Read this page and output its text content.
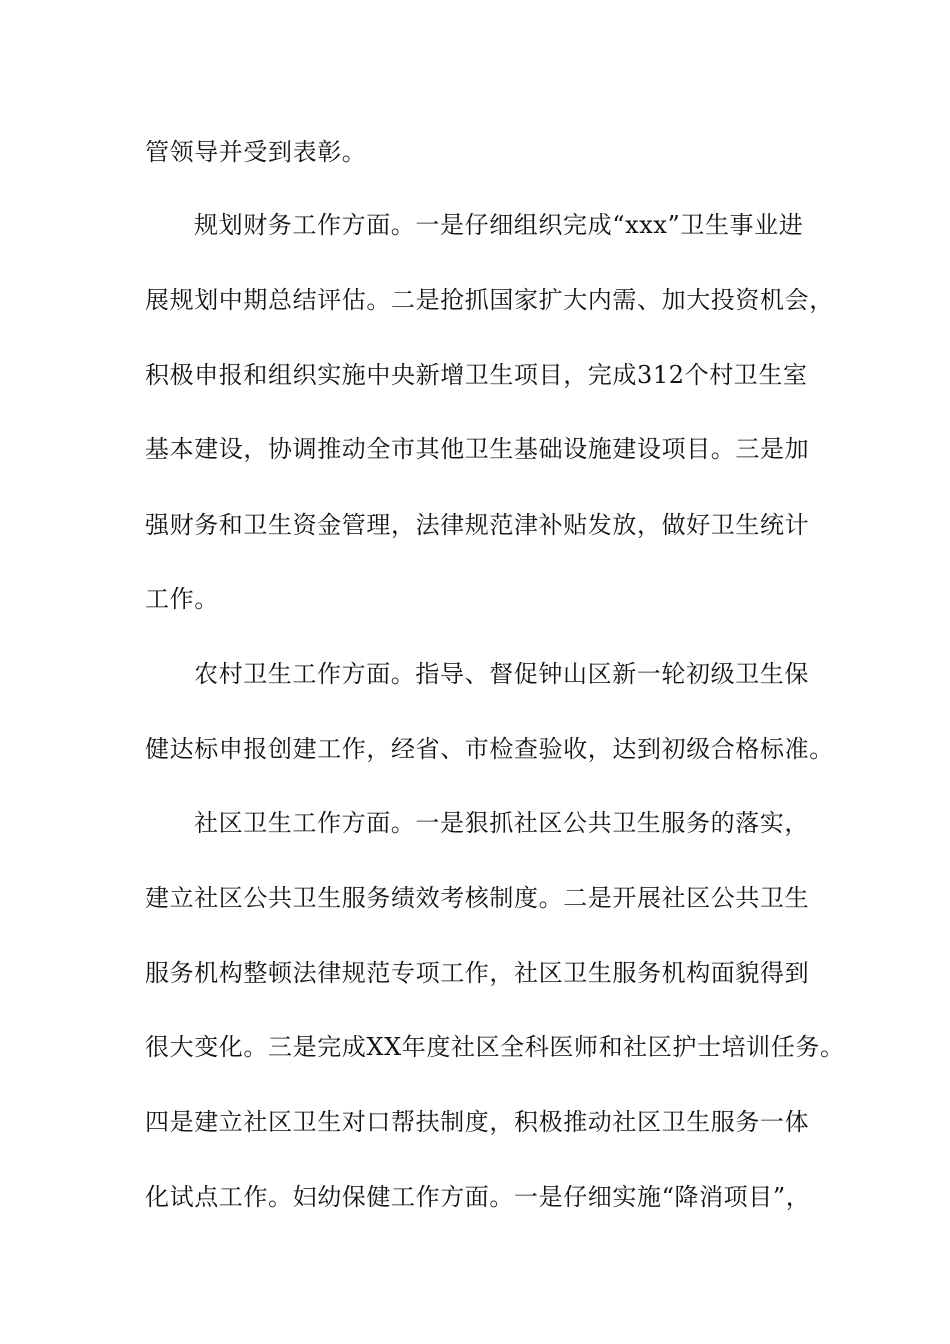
管领导并受到表彰。
规划财务工作方面。一是仔细组织完成“xxx”卫生事业进
展规划中期总结评估。二是抢抓国家扩大内需、加大投资机会，
积极申报和组织实施中央新增卫生项目，完成312个村卫生室
基本建设，协调推动全市其他卫生基础设施建设项目。三是加
强财务和卫生资金管理，法律规范津补贴发放，做好卫生统计
工作。
农村卫生工作方面。指导、督促钟山区新一轮初级卫生保
健达标申报创建工作，经省、市检查验收，达到初级合格标准。
社区卫生工作方面。一是狠抓社区公共卫生服务的落实，
建立社区公共卫生服务绩效考核制度。二是开展社区公共卫生
服务机构整顿法律规范专项工作，社区卫生服务机构面貌得到
很大变化。三是完成XX年度社区全科医师和社区护士培训任务。
四是建立社区卫生对口帮扶制度，积极推动社区卫生服务一体
化试点工作。妇幼保健工作方面。一是仔细实施“降消项目”，
